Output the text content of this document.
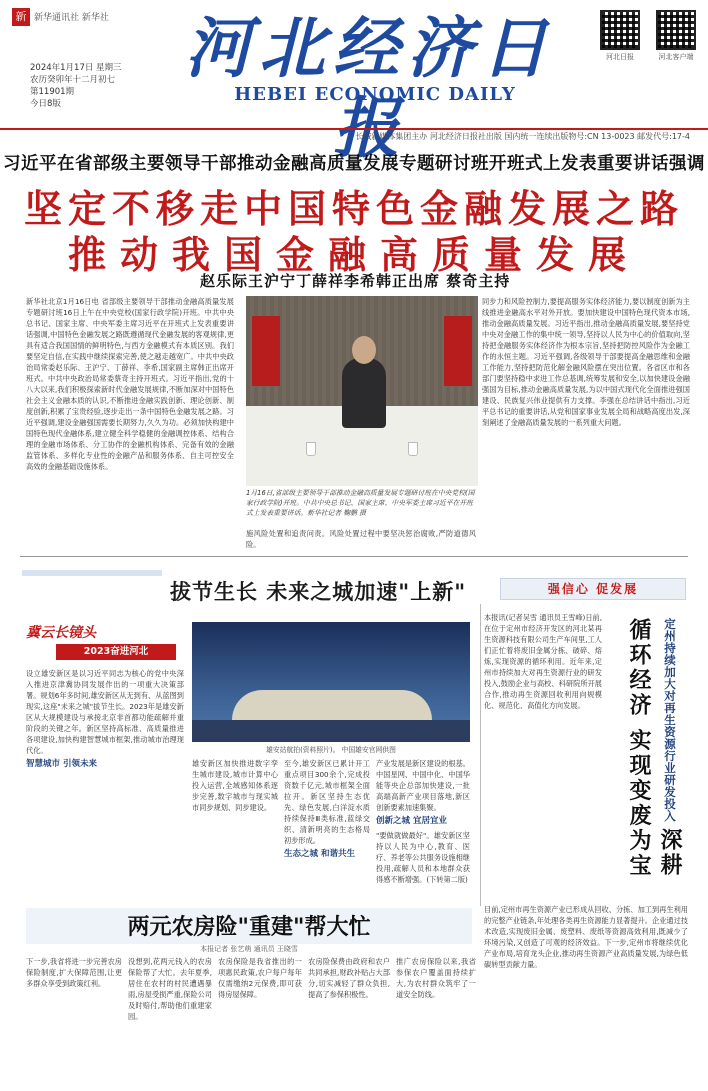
新 新华通讯社 新华社	河北经济日报
HEBEI ECONOMIC DAILY
2024年1月17日 星期三
农历癸卯年十二月初七
第11901期
今日8版
河北日报	河北客户端
长城新媒体集团主办 河北经济日报社出版 国内统一连续出版物号:CN 13-0023 邮发代号:17-4
习近平在省部级主要领导干部推动金融高质量发展专题研讨班开班式上发表重要讲话强调
坚定不移走中国特色金融发展之路
推动我国金融高质量发展
赵乐际王沪宁丁薛祥李希韩正出席 蔡奇主持
新华社北京1月16日电 省部级主要领导干部推动金融高质量发展专题研讨班16日上午在中央党校(国家行政学院)开班。中共中央总书记、国家主席、中央军委主席习近平在开班式上发表重要讲话强调,中国特色金融发展之路既遵循现代金融发展的客观规律,更具有适合我国国情的鲜明特色,与西方金融模式有本质区别。我们要坚定自信,在实践中继续探索完善,使之越走越宽广。中共中央政治局常委赵乐际、王沪宁、丁薛祥、李希,国家副主席韩正出席开班式。中共中央政治局常委蔡奇主持开班式。习近平指出,党的十八大以来,我们积极探索新时代金融发展规律,不断加深对中国特色社会主义金融本质的认识,不断推进金融实践创新、理论创新、制度创新,积累了宝贵经验,逐步走出一条中国特色金融发展之路。习近平强调,建设金融强国需要长期努力,久久为功。必须加快构建中国特色现代金融体系,建立健全科学稳健的金融调控体系、结构合理的金融市场体系、分工协作的金融机构体系、完备有效的金融监管体系、多样化专业性的金融产品和服务体系、自主可控安全高效的金融基础设施体系。
1月16日,省部级主要领导干部推动金融高质量发展专题研讨班在中央党校(国家行政学院)开班。中共中央总书记、国家主席、中央军委主席习近平在开班式上发表重要讲话。新华社记者 鞠鹏 摄
施风险处置和追责问责。风险处置过程中要坚决惩治腐败,严防道德风险。
同步力和风险控制力,要提高服务实体经济能力,要以制度创新为主线推进金融高水平对外开放。要加快建设中国特色现代资本市场,推动金融高质量发展。习近平指出,推动金融高质量发展,要坚持党中央对金融工作的集中统一领导,坚持以人民为中心的价值取向,坚持把金融服务实体经济作为根本宗旨,坚持把防控风险作为金融工作的永恒主题。习近平强调,各级领导干部要提高金融思维和金融工作能力,坚持把防范化解金融风险摆在突出位置。各省区市和各部门要坚持稳中求进工作总基调,统筹发展和安全,以加快建设金融强国为目标,推动金融高质量发展,为以中国式现代化全面推进强国建设、民族复兴伟业提供有力支撑。李强在总结讲话中指出,习近平总书记的重要讲话,从党和国家事业发展全局和战略高度出发,深刻阐述了金融高质量发展的一系列重大问题。
拔节生长 未来之城加速"上新"	强信心 促发展
冀云长镜头
2023奋进河北
设立雄安新区是以习近平同志为核心的党中央深入推进京津冀协同发展作出的一项重大决策部署。规划6年多时间,雄安新区从无到有、从蓝图到现实,这座"未来之城"拔节生长。2023年是雄安新区从大规模建设与承接北京非首都功能疏解并重阶段的关键之年。新区坚持高标准、高质量推进各项建设,加快构建智慧城市框架,推动城市治理现代化。
智慧城市 引领未来
雄安站航拍(资料照片)。 中国雄安官网供图
雄安新区加快推进数字孪生城市建设,城市计算中心投入运营,全域感知体系逐步完善,数字城市与现实城市同步规划、同步建设。
至今,雄安新区已累计开工重点项目300余个,完成投资数千亿元,城市框架全面拉开。新区坚持生态优先、绿色发展,白洋淀水质持续保持Ⅲ类标准,蓝绿交织、清新明亮的生态格局初步形成。
生态之城 和谐共生
产业发展是新区建设的根基。中国星网、中国中化、中国华能等央企总部加快建设,一批高端高新产业项目落地,新区创新要素加速集聚。
创新之城 宜居宜业
"要做就做最好"。雄安新区坚持以人民为中心,教育、医疗、养老等公共服务设施相继投用,疏解人员和本地群众获得感不断增强。(下转第二版)
定州持续加大对再生资源行业研发投入 深耕循环经济 实现变废为宝
本报讯(记者吴雪 通讯员王雪峰)日前,在位于定州市经济开发区的河北某再生资源科技有限公司生产车间里,工人们正忙着将废旧金属分拣、破碎、熔炼,实现资源的循环利用。近年来,定州市持续加大对再生资源行业的研发投入,鼓励企业与高校、科研院所开展合作,推动再生资源回收利用向规模化、规范化、高值化方向发展。
目前,定州市再生资源产业已形成从回收、分拣、加工到再生利用的完整产业链条,年处理各类再生资源能力显著提升。企业通过技术改造,实现废旧金属、废塑料、废纸等资源高效利用,既减少了环境污染,又创造了可观的经济效益。下一步,定州市将继续优化产业布局,培育龙头企业,推动再生资源产业高质量发展,为绿色低碳转型贡献力量。
两元农房险"重建"帮大忙
本报记者 张艺萌 通讯员 王晓雪
没想到,花两元钱入的农房保险帮了大忙。去年夏季,居住在农村的村民遭遇暴雨,房屋受损严重,保险公司及时赔付,帮助他们重建家园。
农房保险是我省推出的一项惠民政策,农户每户每年仅需缴纳2元保费,即可获得房屋保障。
农房险保费由政府和农户共同承担,财政补贴占大部分,切实减轻了群众负担,提高了参保积极性。
推广农房保险以来,我省参保农户覆盖面持续扩大,为农村群众筑牢了一道安全防线。
下一步,我省将进一步完善农房保险制度,扩大保障范围,让更多群众享受到政策红利。
